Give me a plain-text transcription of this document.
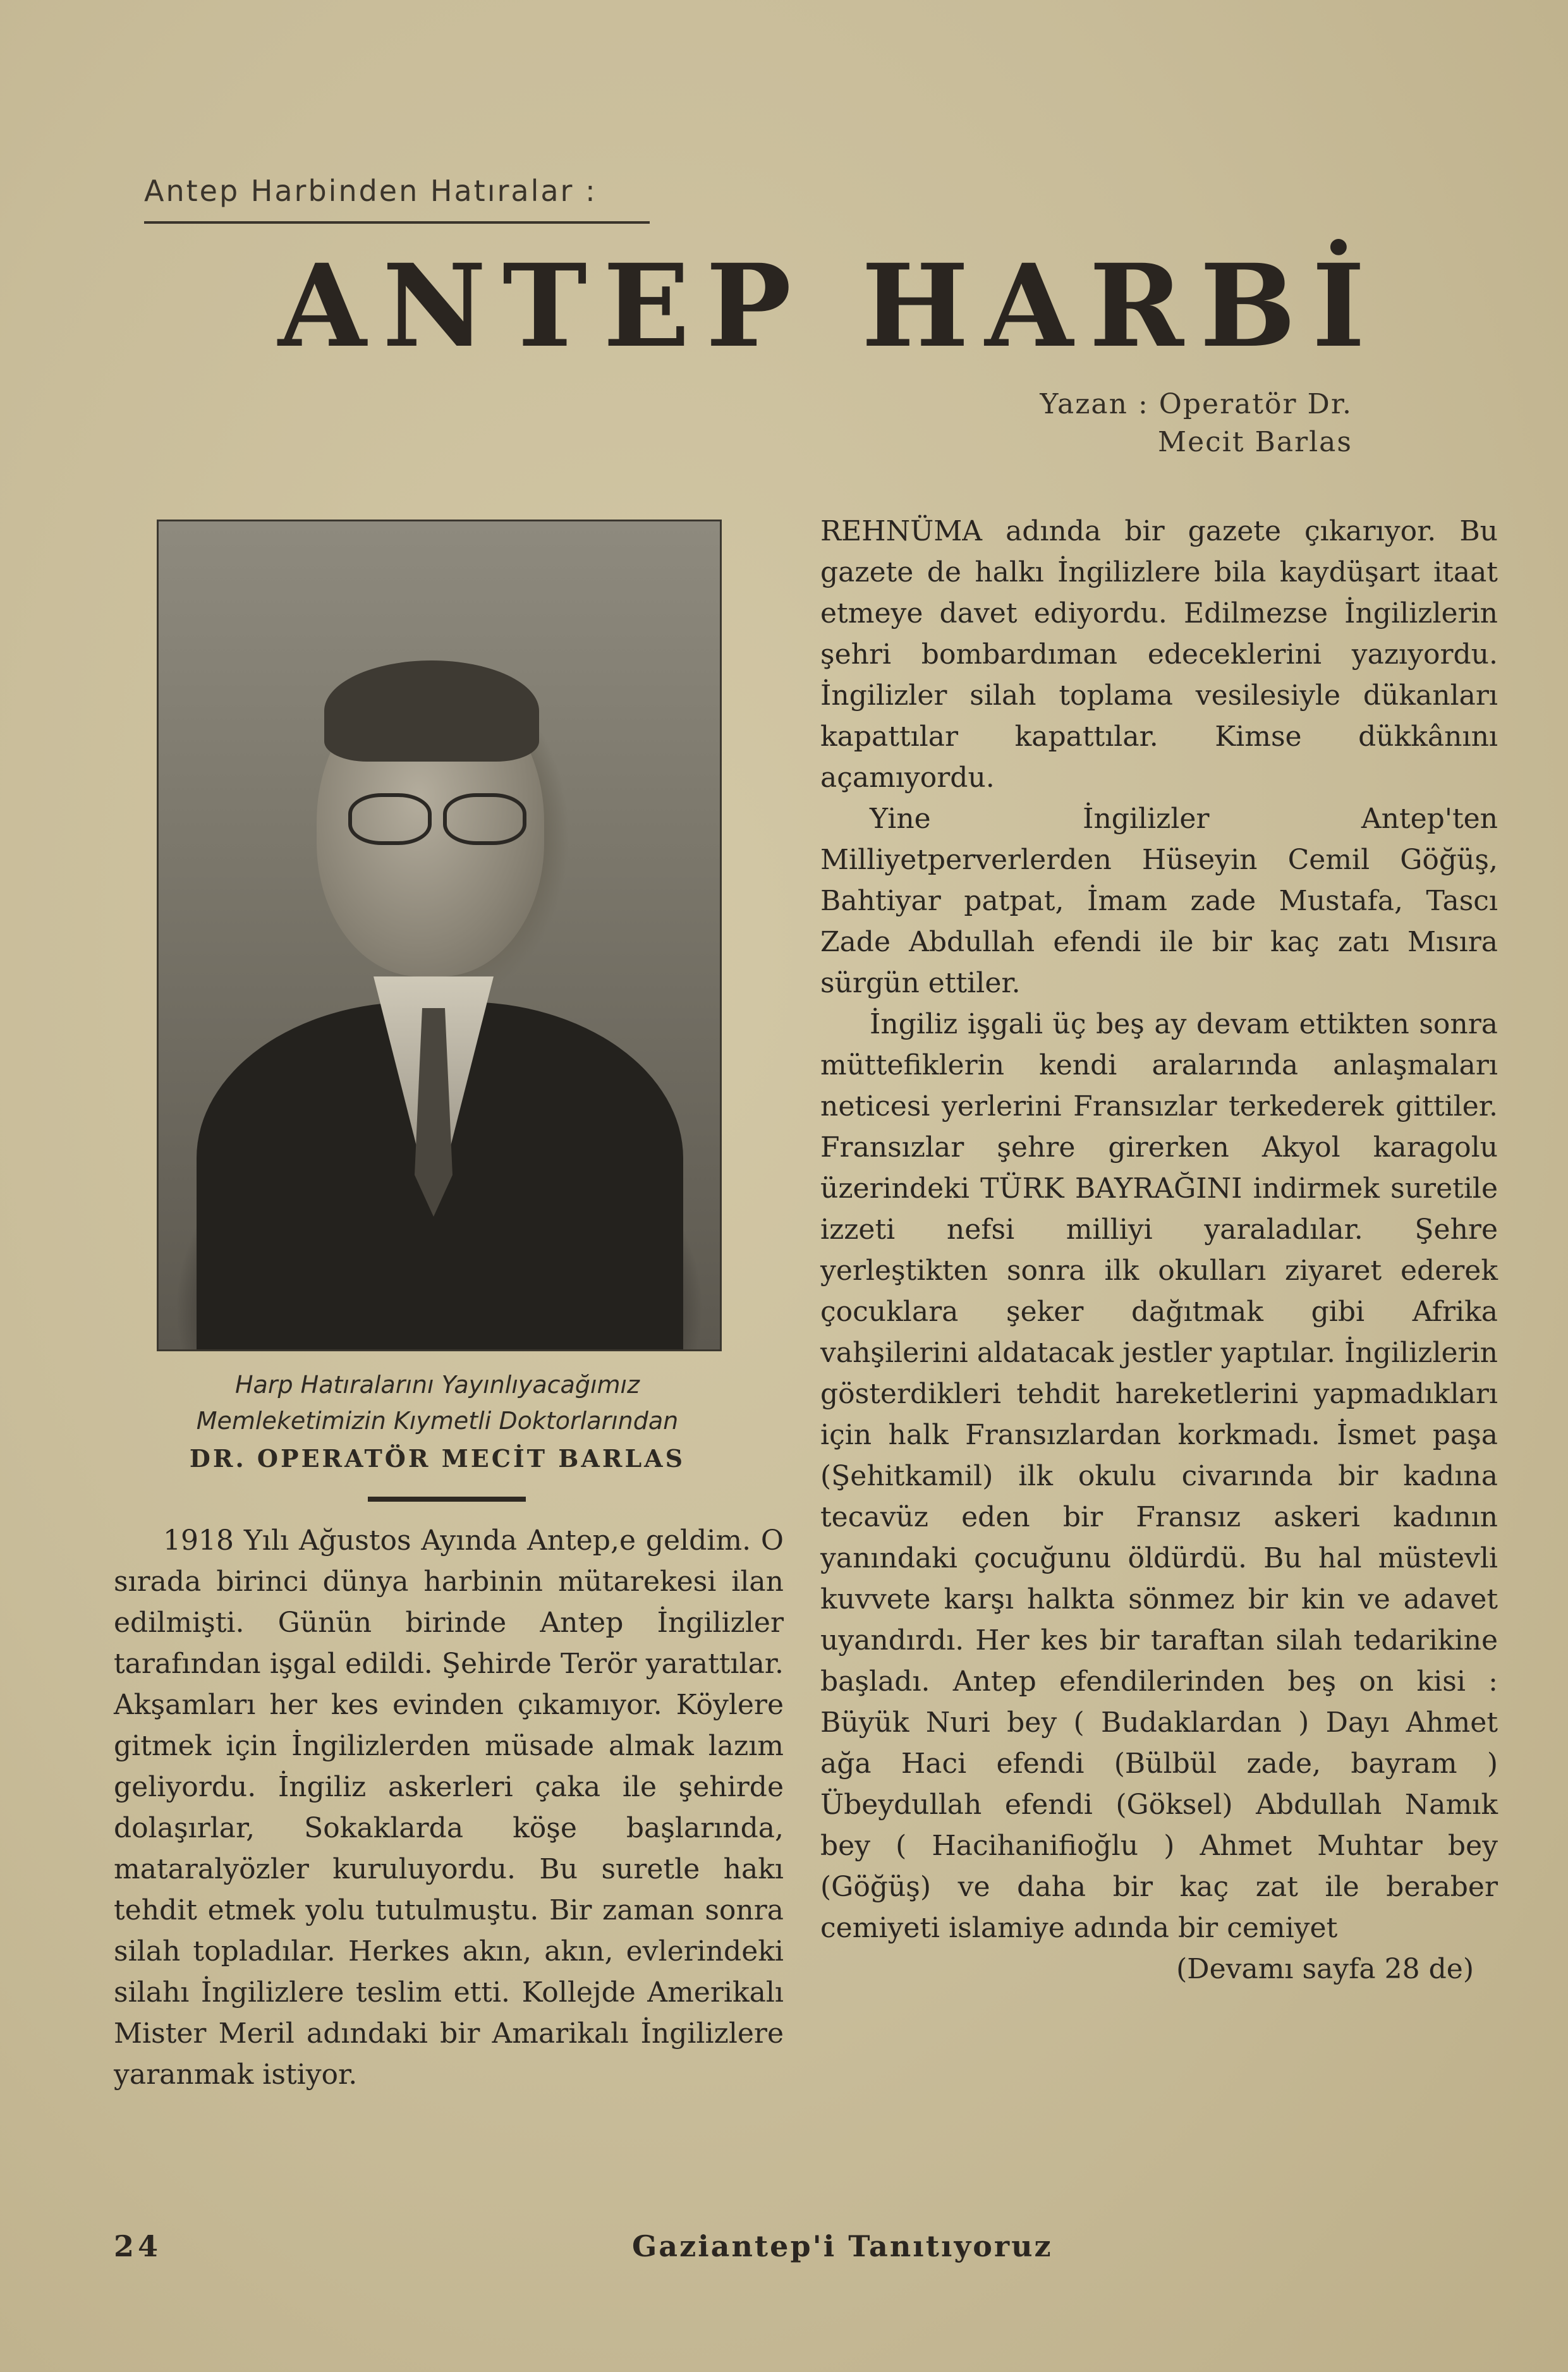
Antep Harbinden Hatıralar :
A N T E P H A R B İ
Yazan : Operatör Dr.
Mecit Barlas
Harp Hatıralarını Yayınlıyacağımız
Memleketimizin Kıymetli Doktorlarından
DR. OPERATÖR MECİT BARLAS

1918 Yılı Ağustos Ayında Antep,e geldim. O sırada birinci dünya harbinin mütarekesi ilan edilmişti. Günün birinde Antep İngilizler tarafından işgal edildi. Şehirde Terör yarattılar. Akşamları her kes evinden çıkamıyor. Köylere gitmek için İngilizlerden müsade almak lazım geliyordu. İngiliz askerleri çaka ile şehirde dolaşırlar, Sokaklarda köşe başlarında, mataralyözler kuruluyordu. Bu suretle hakı tehdit etmek yolu tutulmuştu. Bir zaman sonra silah topladılar. Herkes akın, akın, evlerindeki silahı İngilizlere teslim etti. Kollejde Amerikalı Mister Meril adındaki bir Amarikalı İngilizlere yaranmak istiyor.

REHNÜMA adında bir gazete çıkarıyor. Bu gazete de halkı İngilizlere bila kaydüşart itaat etmeye davet ediyordu. Edilmezse İngilizlerin şehri bombardıman edeceklerini yazıyordu. İngilizler silah toplama vesilesiyle dükanları kapattılar kapattılar. Kimse dükkânını açamıyordu.

Yine İngilizler Antep'ten Milliyetperverlerden Hüseyin Cemil Göğüş, Bahtiyar patpat, İmam zade Mustafa, Tascı Zade Abdullah efendi ile bir kaç zatı Mısıra sürgün ettiler.

İngiliz işgali üç beş ay devam ettikten sonra müttefiklerin kendi aralarında anlaşmaları neticesi yerlerini Fransızlar terkederek gittiler. Fransızlar şehre girerken Akyol karagolu üzerindeki TÜRK BAYRAĞINI indirmek suretile izzeti nefsi milliyi yaraladılar. Şehre yerleştikten sonra ilk okulları ziyaret ederek çocuklara şeker dağıtmak gibi Afrika vahşilerini aldatacak jestler yaptılar. İngilizlerin gösterdikleri tehdit hareketlerini yapmadıkları için halk Fransızlardan korkmadı. İsmet paşa (Şehitkamil) ilk okulu civarında bir kadına tecavüz eden bir Fransız askeri kadının yanındaki çocuğunu öldürdü. Bu hal müstevli kuvvete karşı halkta sönmez bir kin ve adavet uyandırdı. Her kes bir taraftan silah tedarikine başladı. Antep efendilerinden beş on kisi : Büyük Nuri bey ( Budaklardan ) Dayı Ahmet ağa Haci efendi (Bülbül zade, bayram ) Übeydullah efendi (Göksel) Abdullah Namık bey ( Hacihanifioğlu ) Ahmet Muhtar bey (Göğüş) ve daha bir kaç zat ile beraber cemiyeti islamiye adında bir cemiyet

(Devamı sayfa 28 de)

24	Gaziantep'i Tanıtıyoruz
